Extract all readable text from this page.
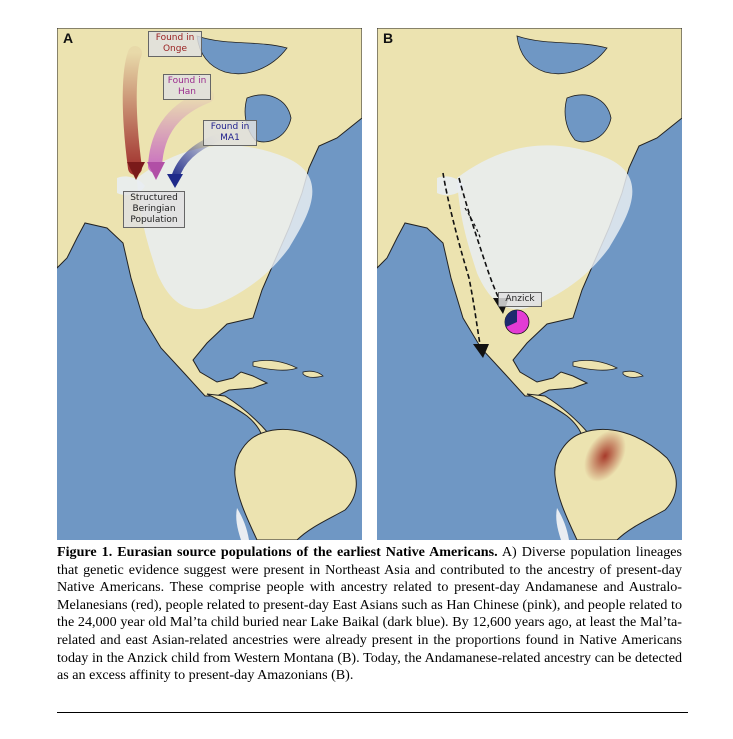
A	Found in
Onge
Found in
Han
Found in
MA1
Structured
Beringian
Population
B
Anzick
Figure 1. Eurasian source populations of the earliest Native Americans. A) Diverse population lineages that genetic evidence suggest were present in Northeast Asia and contributed to the ancestry of present-day Native Americans. These comprise people with ancestry related to present-day Andamanese and Australo-Melanesians (red), people related to present-day East Asians such as Han Chinese (pink), and people related to the 24,000 year old Mal’ta child buried near Lake Baikal (dark blue). By 12,600 years ago, at least the Mal’ta-related and east Asian-related ancestries were already present in the proportions found in Native Americans today in the Anzick child from Western Montana (B). Today, the Andamanese-related ancestry can be detected as an excess affinity to present-day Amazonians (B).
